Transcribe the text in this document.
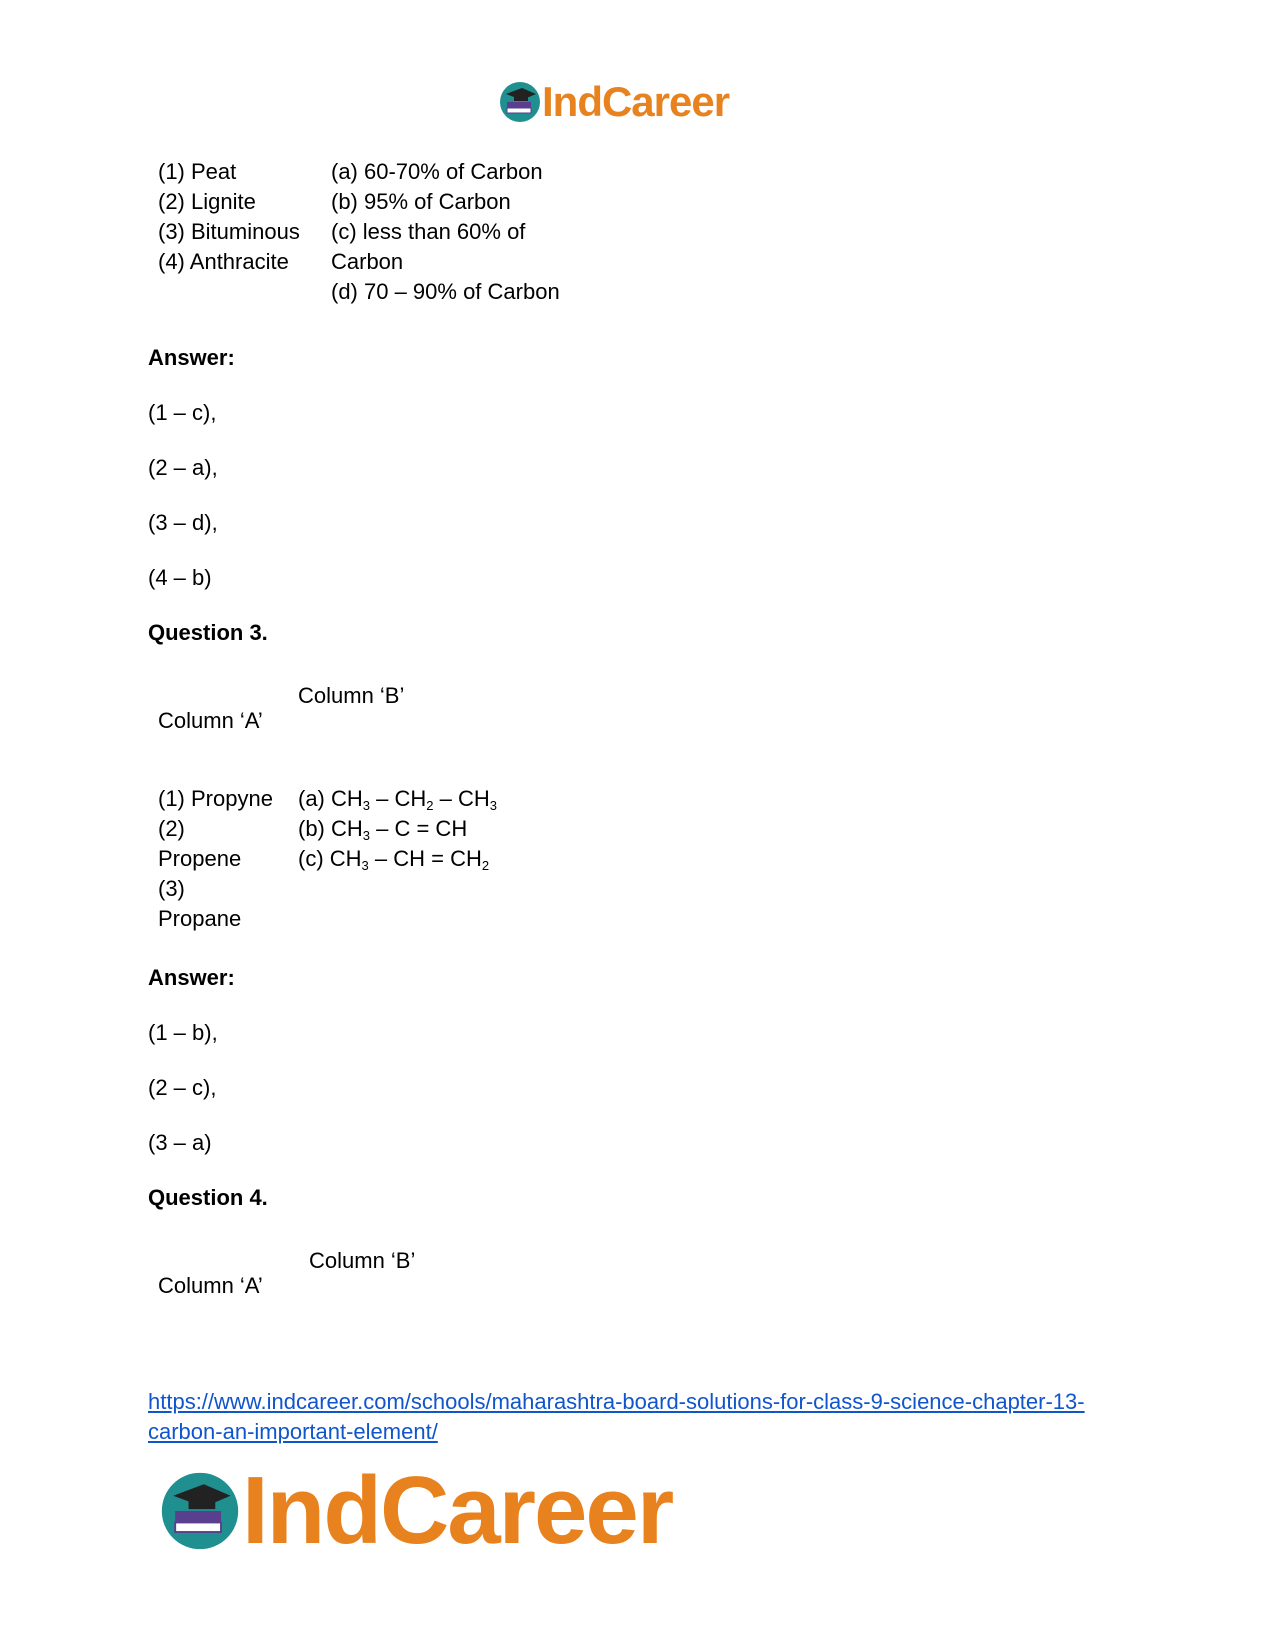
IndCareer
(1) Peat
(2) Lignite
(3) Bituminous
(4) Anthracite
(a) 60-70% of Carbon
(b) 95% of Carbon
(c) less than 60% of
Carbon
(d) 70 – 90% of Carbon
Answer:
(1 – c),
(2 – a),
(3 – d),
(4 – b)
Question 3.
Column ‘B’
Column ‘A’
(1) Propyne
(2)
Propene
(3)
Propane
(a) $CH_3 - CH_2 - CH_3$
(b) $CH_3$ – C = CH
(c) $CH_3$ – CH = $CH_2$
Answer:
(1 – b),
(2 – c),
(3 – a)
Question 4.
Column ‘B’
Column ‘A’
https://www.indcareer.com/schools/maharashtra-board-solutions-for-class-9-science-chapter-13-
carbon-an-important-element/
IndCareer
